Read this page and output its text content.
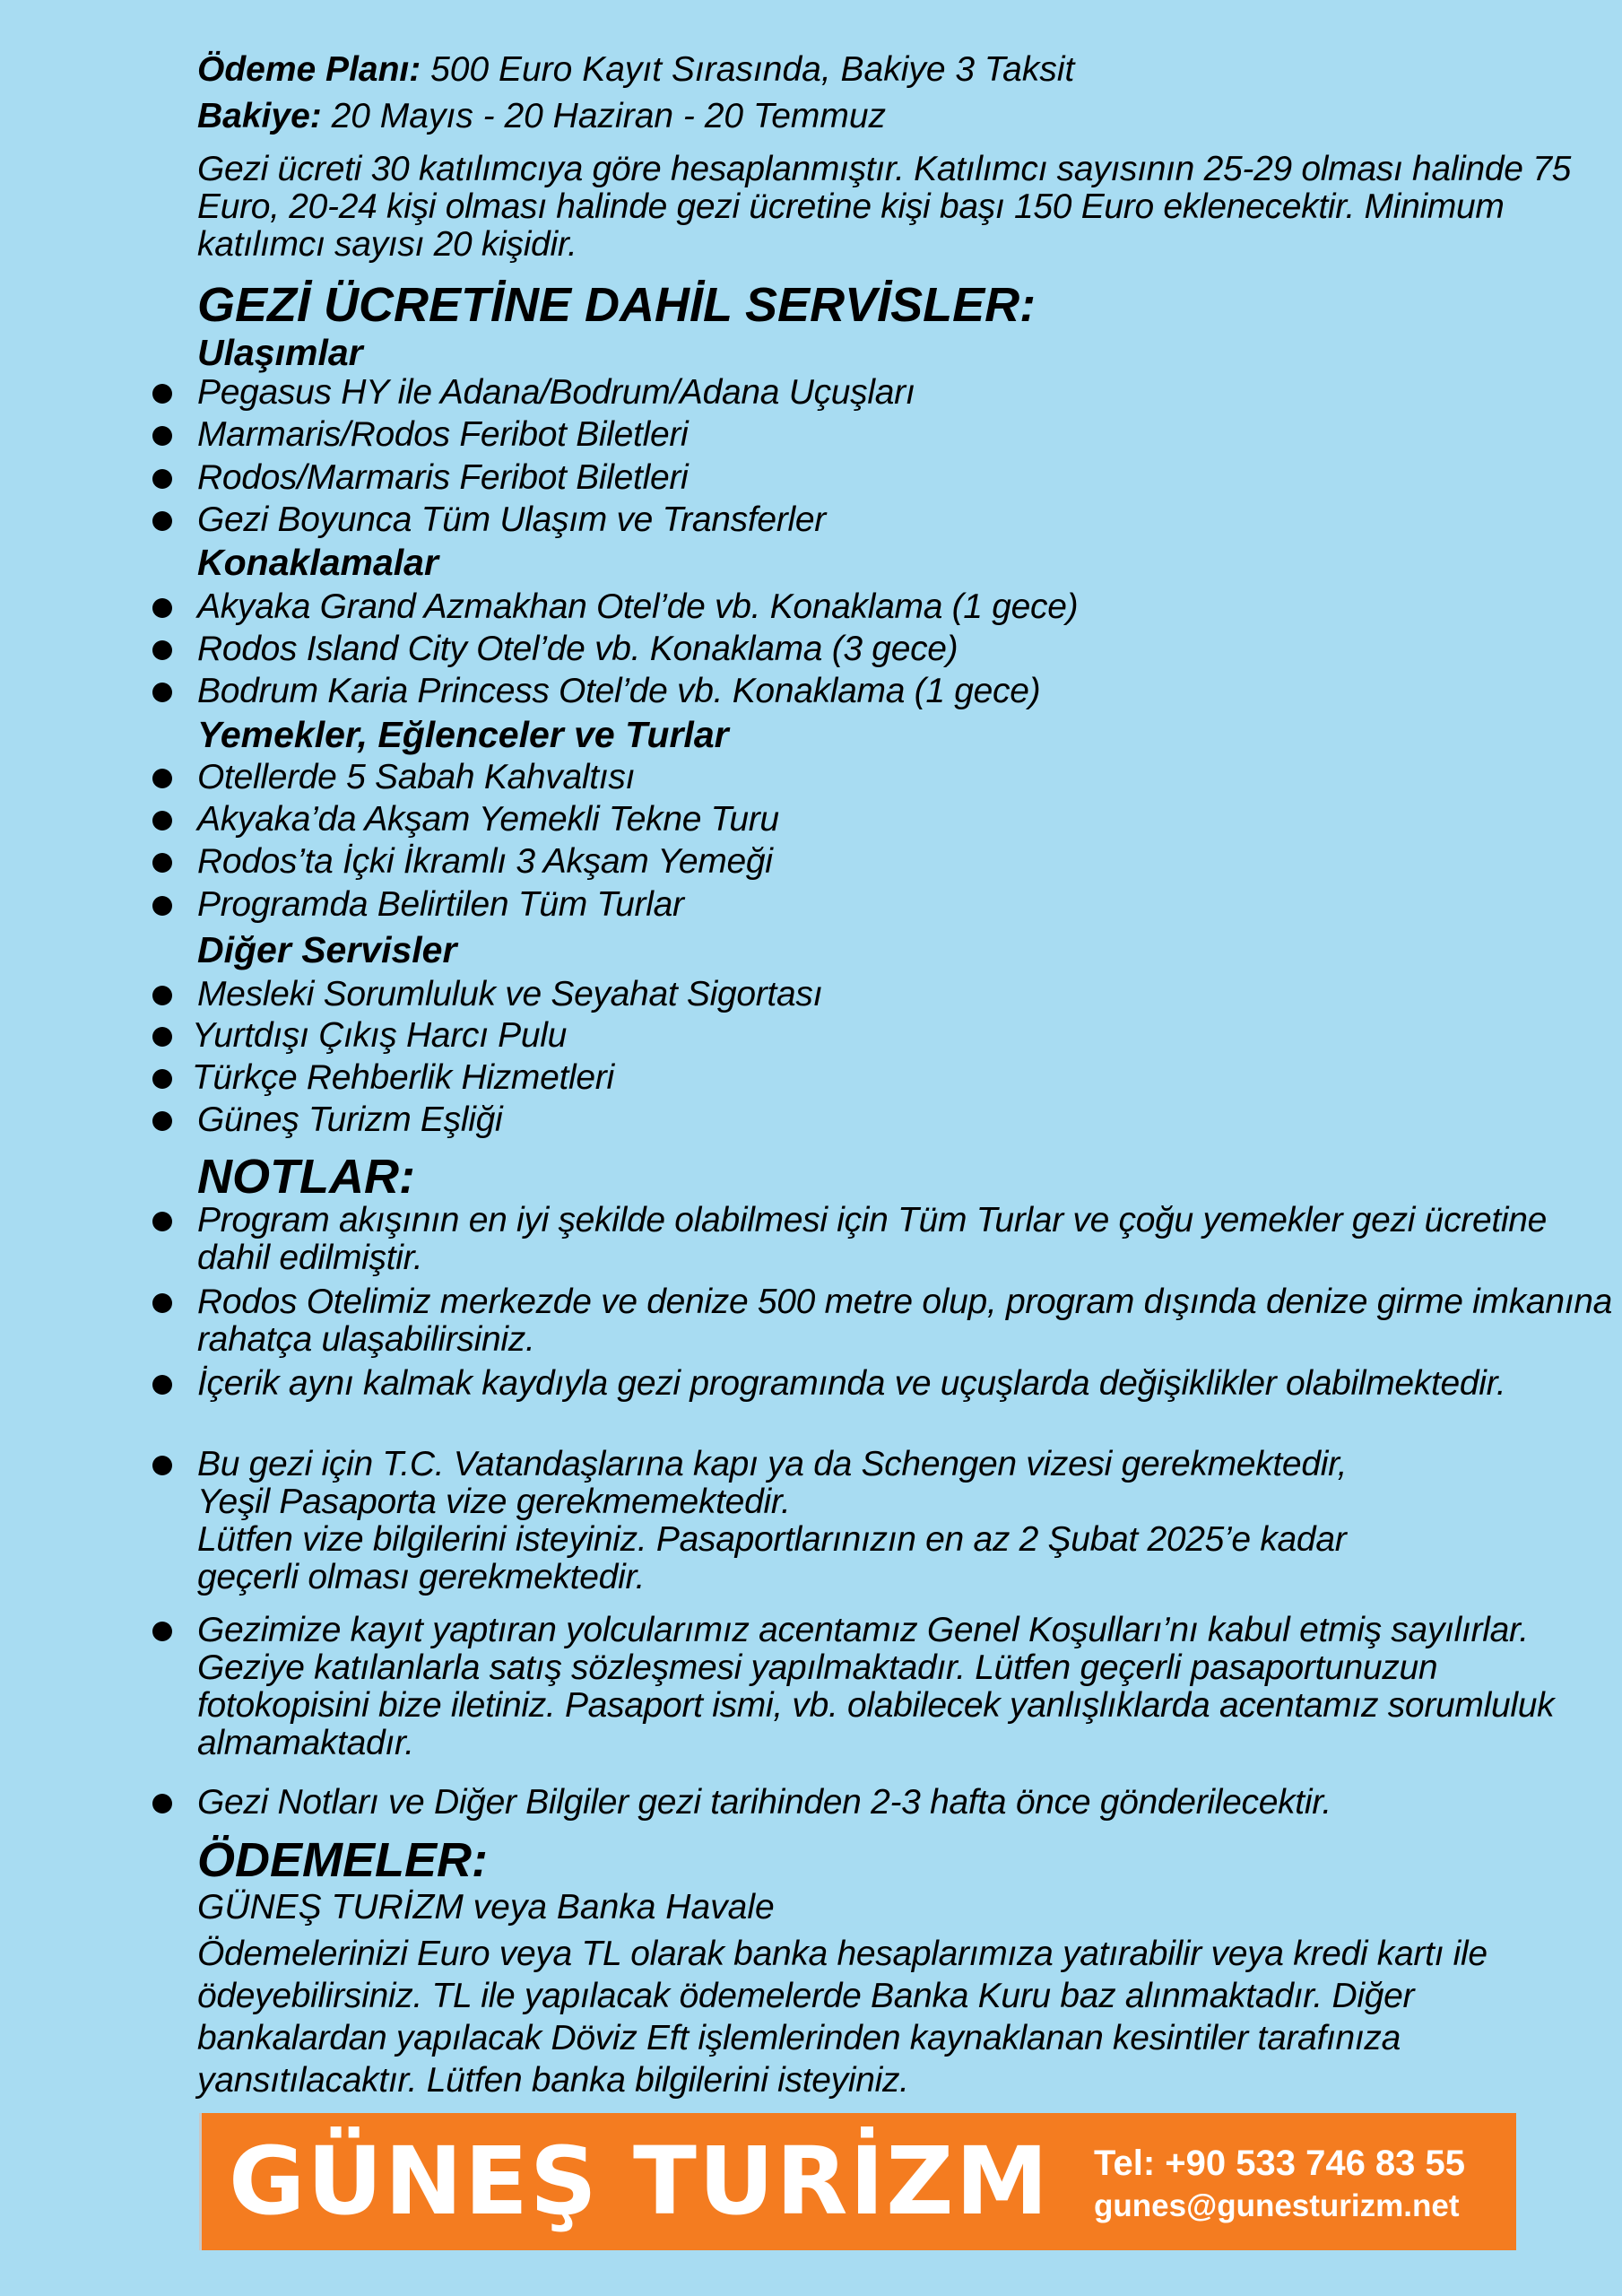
Ödeme Planı: 500 Euro Kayıt Sırasında, Bakiye 3 Taksit
Bakiye: 20 Mayıs - 20 Haziran - 20 Temmuz
Gezi ücreti 30 katılımcıya göre hesaplanmıştır. Katılımcı sayısının 25-29 olması halinde 75 Euro, 20-24 kişi olması halinde gezi ücretine kişi başı 150 Euro eklenecektir. Minimum katılımcı sayısı 20 kişidir.
GEZİ ÜCRETİNE DAHİL SERVİSLER:
Ulaşımlar
Pegasus HY ile Adana/Bodrum/Adana Uçuşları
Marmaris/Rodos Feribot Biletleri
Rodos/Marmaris Feribot Biletleri
Gezi Boyunca Tüm Ulaşım ve Transferler
Konaklamalar
Akyaka Grand Azmakhan Otel’de vb. Konaklama (1 gece)
Rodos Island City Otel’de vb. Konaklama (3 gece)
Bodrum Karia Princess Otel’de vb. Konaklama (1 gece)
Yemekler, Eğlenceler ve Turlar
Otellerde 5 Sabah Kahvaltısı
Akyaka’da Akşam Yemekli Tekne Turu
Rodos’ta İçki İkramlı 3 Akşam Yemeği
Programda Belirtilen Tüm Turlar
Diğer Servisler
Mesleki Sorumluluk ve Seyahat Sigortası
Yurtdışı Çıkış Harcı Pulu
Türkçe Rehberlik Hizmetleri
Güneş Turizm Eşliği
NOTLAR:
Program akışının en iyi şekilde olabilmesi için Tüm Turlar ve çoğu yemekler gezi ücretine dahil edilmiştir.
Rodos Otelimiz merkezde ve denize 500 metre olup, program dışında denize girme imkanına rahatça ulaşabilirsiniz.
İçerik aynı kalmak kaydıyla gezi programında ve uçuşlarda değişiklikler olabilmektedir.
Bu gezi için T.C. Vatandaşlarına kapı ya da Schengen vizesi gerekmektedir,
Yeşil Pasaporta vize gerekmemektedir.
Lütfen vize bilgilerini isteyiniz. Pasaportlarınızın en az 2 Şubat 2025’e kadar geçerli olması gerekmektedir.
Gezimize kayıt yaptıran yolcularımız acentamız Genel Koşulları’nı kabul etmiş sayılırlar. Geziye katılanlarla satış sözleşmesi yapılmaktadır. Lütfen geçerli pasaportunuzun fotokopisini bize iletiniz. Pasaport ismi, vb. olabilecek yanlışlıklarda acentamız sorumluluk almamaktadır.
Gezi Notları ve Diğer Bilgiler gezi tarihinden 2-3 hafta önce gönderilecektir.
ÖDEMELER:
GÜNEŞ TURİZM veya Banka Havale
Ödemelerinizi Euro veya TL olarak banka hesaplarımıza yatırabilir veya kredi kartı ile ödeyebilirsiniz. TL ile yapılacak ödemelerde Banka Kuru baz alınmaktadır. Diğer bankalardan yapılacak Döviz Eft işlemlerinden kaynaklanan kesintiler tarafınıza yansıtılacaktır. Lütfen banka bilgilerini isteyiniz.
GÜNEŞ TURİZM Tel: +90 533 746 83 55
gunes@gunesturizm.net
